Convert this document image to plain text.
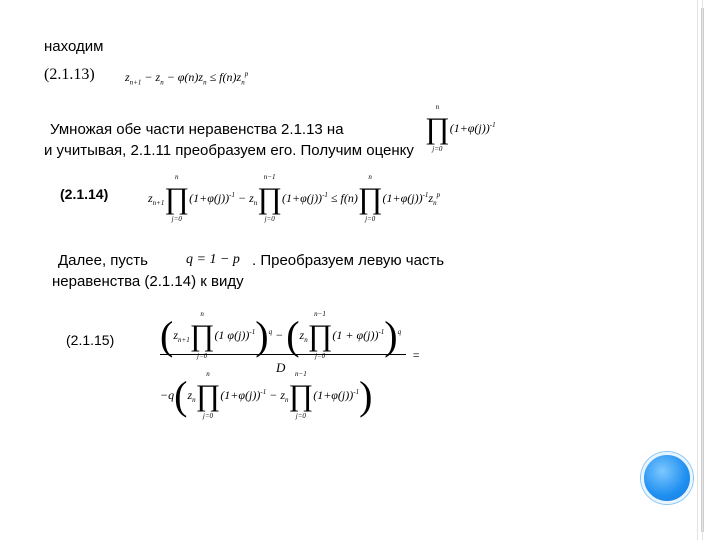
находим
(2.1.13)	$z_{n+1} - z_n - \varphi(n)z_n \le f(n)z_n^p$
Умножая обе части неравенства 2.1.13 на
n
∏
j=0
$(1+\varphi(j))^{-1}$
и учитывая, 2.1.11 преобразуем его. Получим оценку
(2.1.14)	$z_{n+1}$
n
∏
j=0
$(1+\varphi(j))^{-1} - z_n$
n−1
∏
j=0
$(1+\varphi(j))^{-1} \le f(n)$
n
∏
j=0
$(1+\varphi(j))^{-1}z_n^p$
Далее, пусть	q = 1 − p . Преобразуем левую часть
неравенства (2.1.14) к виду
(2.1.15) ($z_{n+1}$
n
∏
j=0
(1 $\varphi(j))^{-1})^q - (z_n$
n−1
∏
j=0
$(1 + \varphi(j))^{-1})^q$
=
D
$-q(z_n$
n
∏
j=0
$(1+\varphi(j))^{-1} - z_n$
n−1
∏
j=0
$(1+\varphi(j))^{-1}$)
